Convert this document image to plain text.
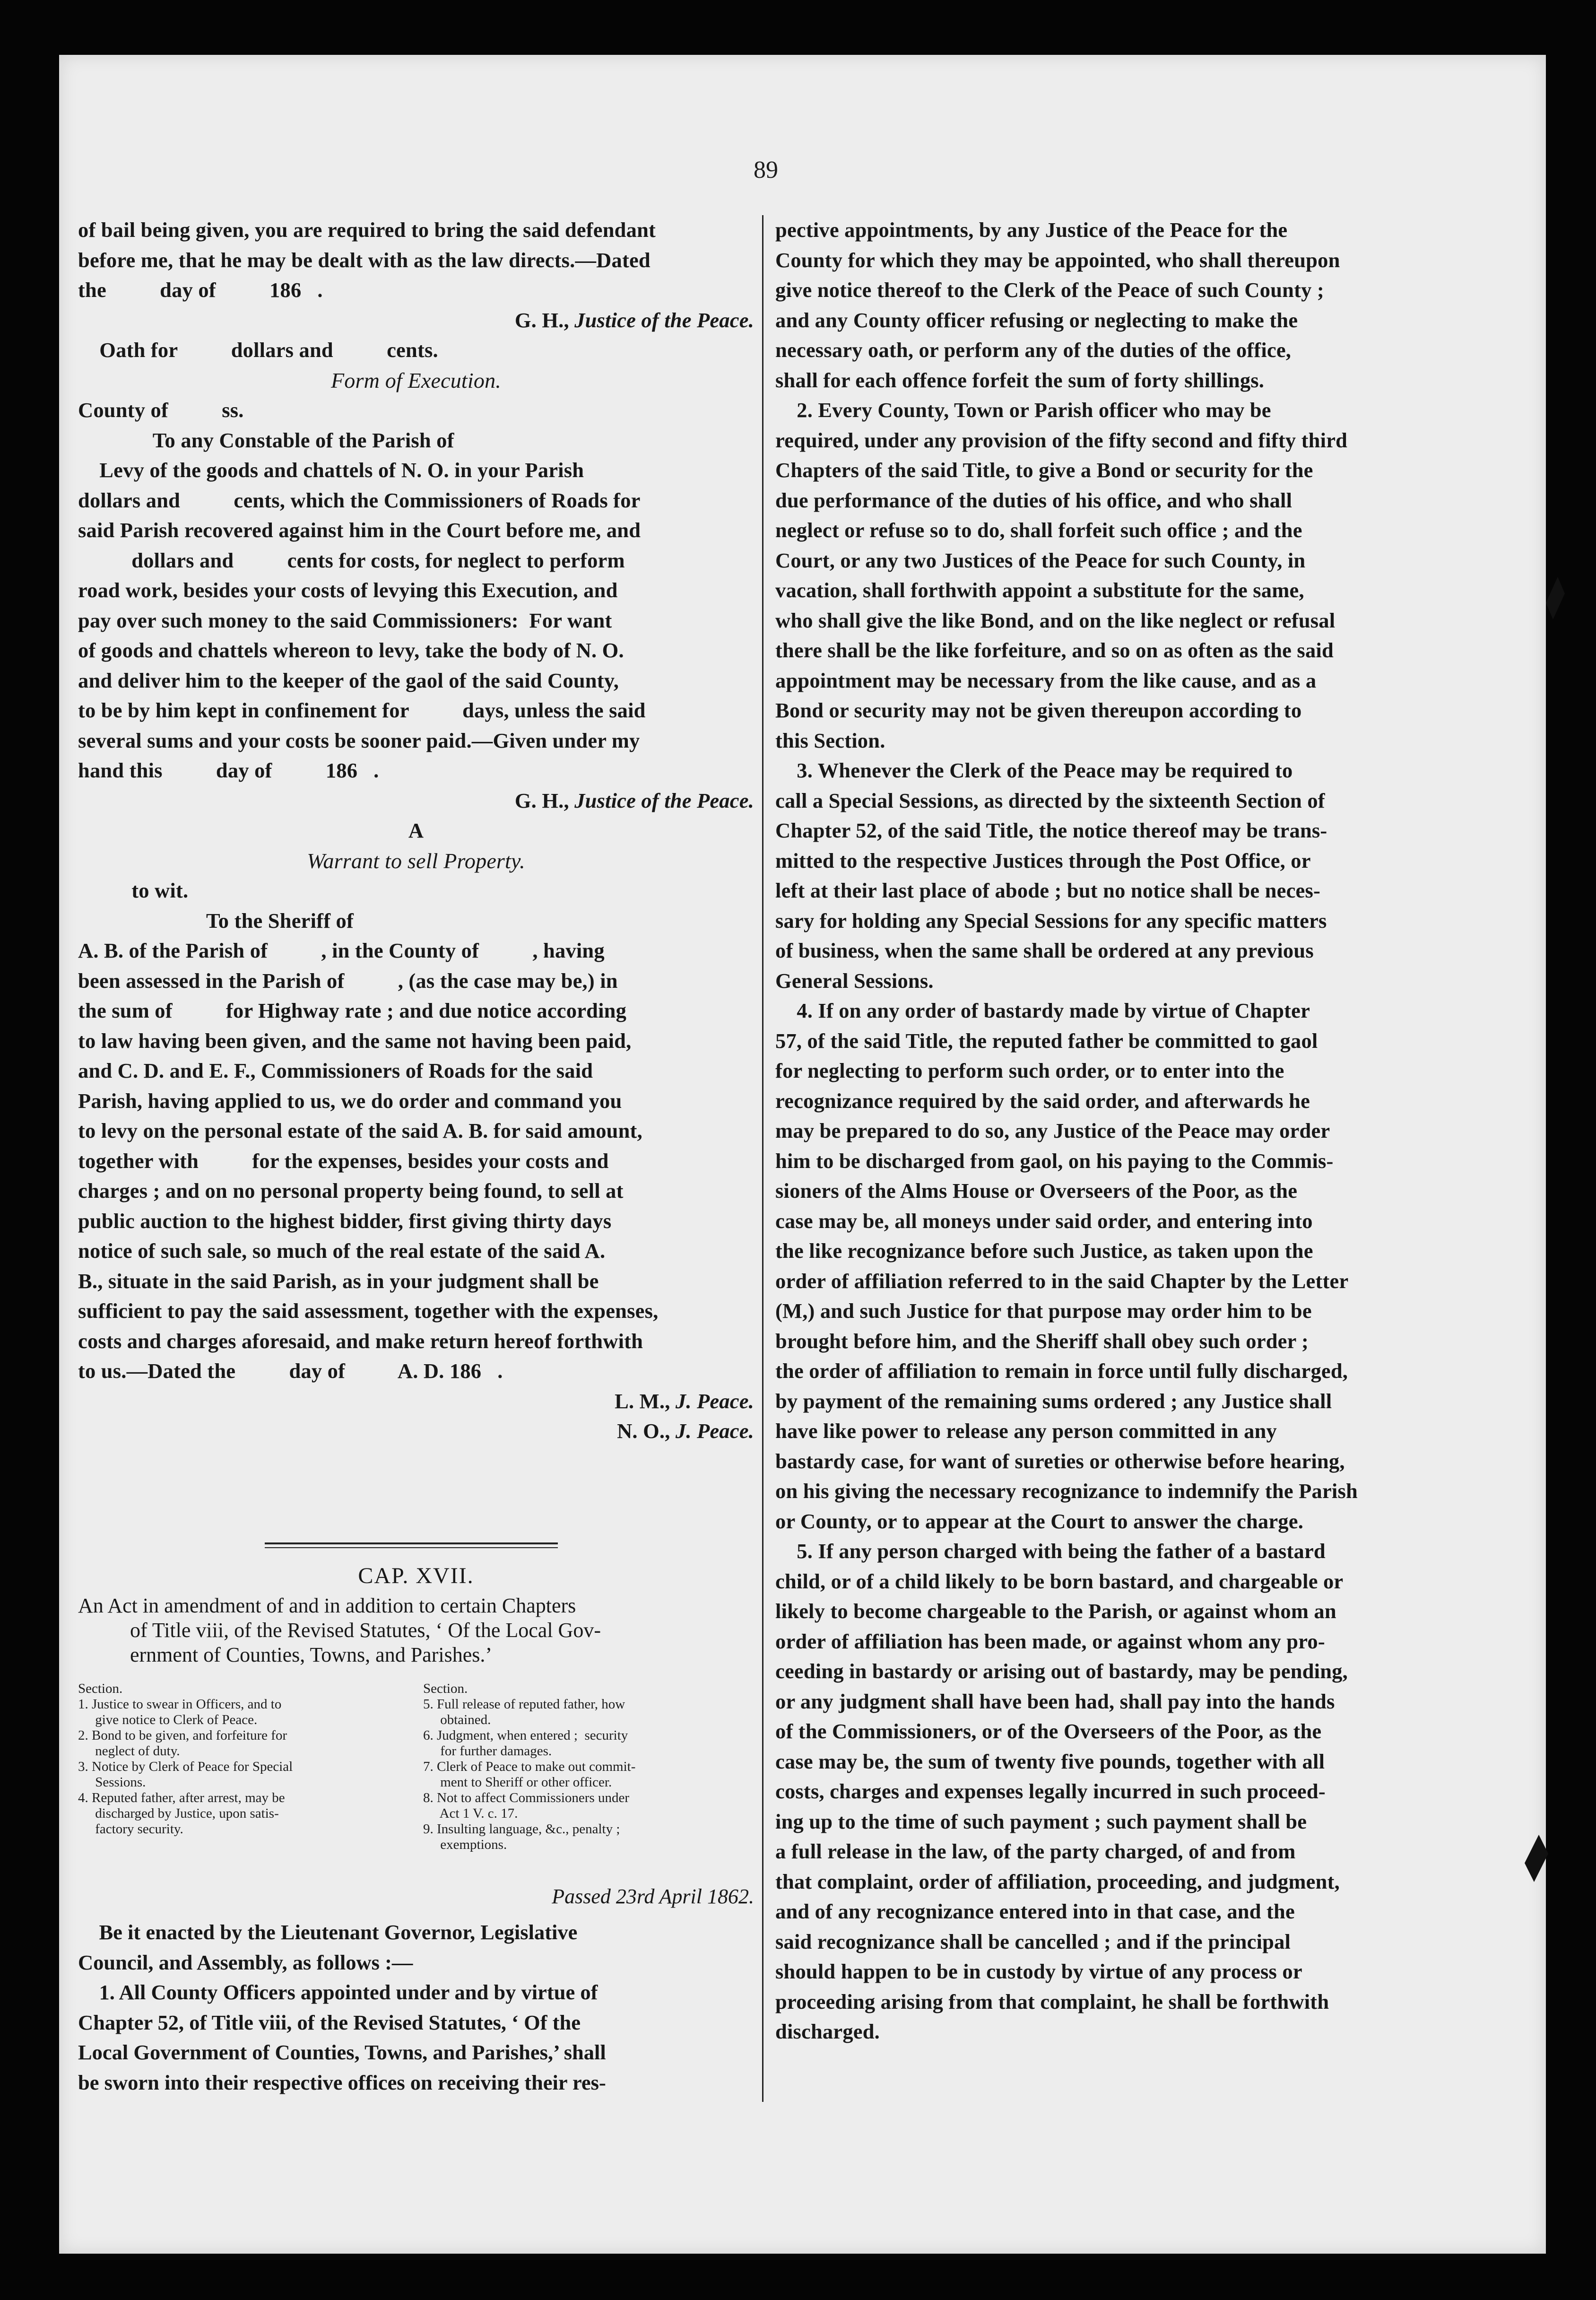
89
of bail being given, you are required to bring the said defendant
before me, that he may be dealt with as the law directs.—Dated
the          day of          186   .
G. H., Justice of the Peace.
Oath for          dollars and          cents.
Form of Execution.
County of          ss.
To any Constable of the Parish of
Levy of the goods and chattels of N. O. in your Parish
dollars and          cents, which the Commissioners of Roads for
said Parish recovered against him in the Court before me, and
dollars and          cents for costs, for neglect to perform
road work, besides your costs of levying this Execution, and
pay over such money to the said Commissioners:  For want
of goods and chattels whereon to levy, take the body of N. O.
and deliver him to the keeper of the gaol of the said County,
to be by him kept in confinement for          days, unless the said
several sums and your costs be sooner paid.—Given under my
hand this          day of          186   .
G. H., Justice of the Peace.
A
Warrant to sell Property.
to wit.
To the Sheriff of
A. B. of the Parish of          , in the County of          , having
been assessed in the Parish of          , (as the case may be,) in
the sum of          for Highway rate ; and due notice according
to law having been given, and the same not having been paid,
and C. D. and E. F., Commissioners of Roads for the said
Parish, having applied to us, we do order and command you
to levy on the personal estate of the said A. B. for said amount,
together with          for the expenses, besides your costs and
charges ; and on no personal property being found, to sell at
public auction to the highest bidder, first giving thirty days
notice of such sale, so much of the real estate of the said A.
B., situate in the said Parish, as in your judgment shall be
sufficient to pay the said assessment, together with the expenses,
costs and charges aforesaid, and make return hereof forthwith
to us.—Dated the          day of          A. D. 186   .
L. M., J. Peace.
N. O., J. Peace.
CAP. XVII.
An Act in amendment of and in addition to certain Chapters
of Title viii, of the Revised Statutes, ‘ Of the Local Gov-
ernment of Counties, Towns, and Parishes.’
Section.
1. Justice to swear in Officers, and to
give notice to Clerk of Peace.
2. Bond to be given, and forfeiture for
neglect of duty.
3. Notice by Clerk of Peace for Special
Sessions.
4. Reputed father, after arrest, may be
discharged by Justice, upon satis-
factory security.
Section.
5. Full release of reputed father, how
obtained.
6. Judgment, when entered ;  security
for further damages.
7. Clerk of Peace to make out commit-
ment to Sheriff or other officer.
8. Not to affect Commissioners under
Act 1 V. c. 17.
9. Insulting language, &c., penalty ;
exemptions.
Passed 23rd April 1862.
Be it enacted by the Lieutenant Governor, Legislative
Council, and Assembly, as follows :—
1. All County Officers appointed under and by virtue of
Chapter 52, of Title viii, of the Revised Statutes, ‘ Of the
Local Government of Counties, Towns, and Parishes,’ shall
be sworn into their respective offices on receiving their res-
pective appointments, by any Justice of the Peace for the
County for which they may be appointed, who shall thereupon
give notice thereof to the Clerk of the Peace of such County ;
and any County officer refusing or neglecting to make the
necessary oath, or perform any of the duties of the office,
shall for each offence forfeit the sum of forty shillings.
2. Every County, Town or Parish officer who may be
required, under any provision of the fifty second and fifty third
Chapters of the said Title, to give a Bond or security for the
due performance of the duties of his office, and who shall
neglect or refuse so to do, shall forfeit such office ; and the
Court, or any two Justices of the Peace for such County, in
vacation, shall forthwith appoint a substitute for the same,
who shall give the like Bond, and on the like neglect or refusal
there shall be the like forfeiture, and so on as often as the said
appointment may be necessary from the like cause, and as a
Bond or security may not be given thereupon according to
this Section.
3. Whenever the Clerk of the Peace may be required to
call a Special Sessions, as directed by the sixteenth Section of
Chapter 52, of the said Title, the notice thereof may be trans-
mitted to the respective Justices through the Post Office, or
left at their last place of abode ; but no notice shall be neces-
sary for holding any Special Sessions for any specific matters
of business, when the same shall be ordered at any previous
General Sessions.
4. If on any order of bastardy made by virtue of Chapter
57, of the said Title, the reputed father be committed to gaol
for neglecting to perform such order, or to enter into the
recognizance required by the said order, and afterwards he
may be prepared to do so, any Justice of the Peace may order
him to be discharged from gaol, on his paying to the Commis-
sioners of the Alms House or Overseers of the Poor, as the
case may be, all moneys under said order, and entering into
the like recognizance before such Justice, as taken upon the
order of affiliation referred to in the said Chapter by the Letter
(M,) and such Justice for that purpose may order him to be
brought before him, and the Sheriff shall obey such order ;
the order of affiliation to remain in force until fully discharged,
by payment of the remaining sums ordered ; any Justice shall
have like power to release any person committed in any
bastardy case, for want of sureties or otherwise before hearing,
on his giving the necessary recognizance to indemnify the Parish
or County, or to appear at the Court to answer the charge.
5. If any person charged with being the father of a bastard
child, or of a child likely to be born bastard, and chargeable or
likely to become chargeable to the Parish, or against whom an
order of affiliation has been made, or against whom any pro-
ceeding in bastardy or arising out of bastardy, may be pending,
or any judgment shall have been had, shall pay into the hands
of the Commissioners, or of the Overseers of the Poor, as the
case may be, the sum of twenty five pounds, together with all
costs, charges and expenses legally incurred in such proceed-
ing up to the time of such payment ; such payment shall be
a full release in the law, of the party charged, of and from
that complaint, order of affiliation, proceeding, and judgment,
and of any recognizance entered into in that case, and the
said recognizance shall be cancelled ; and if the principal
should happen to be in custody by virtue of any process or
proceeding arising from that complaint, he shall be forthwith
discharged.
